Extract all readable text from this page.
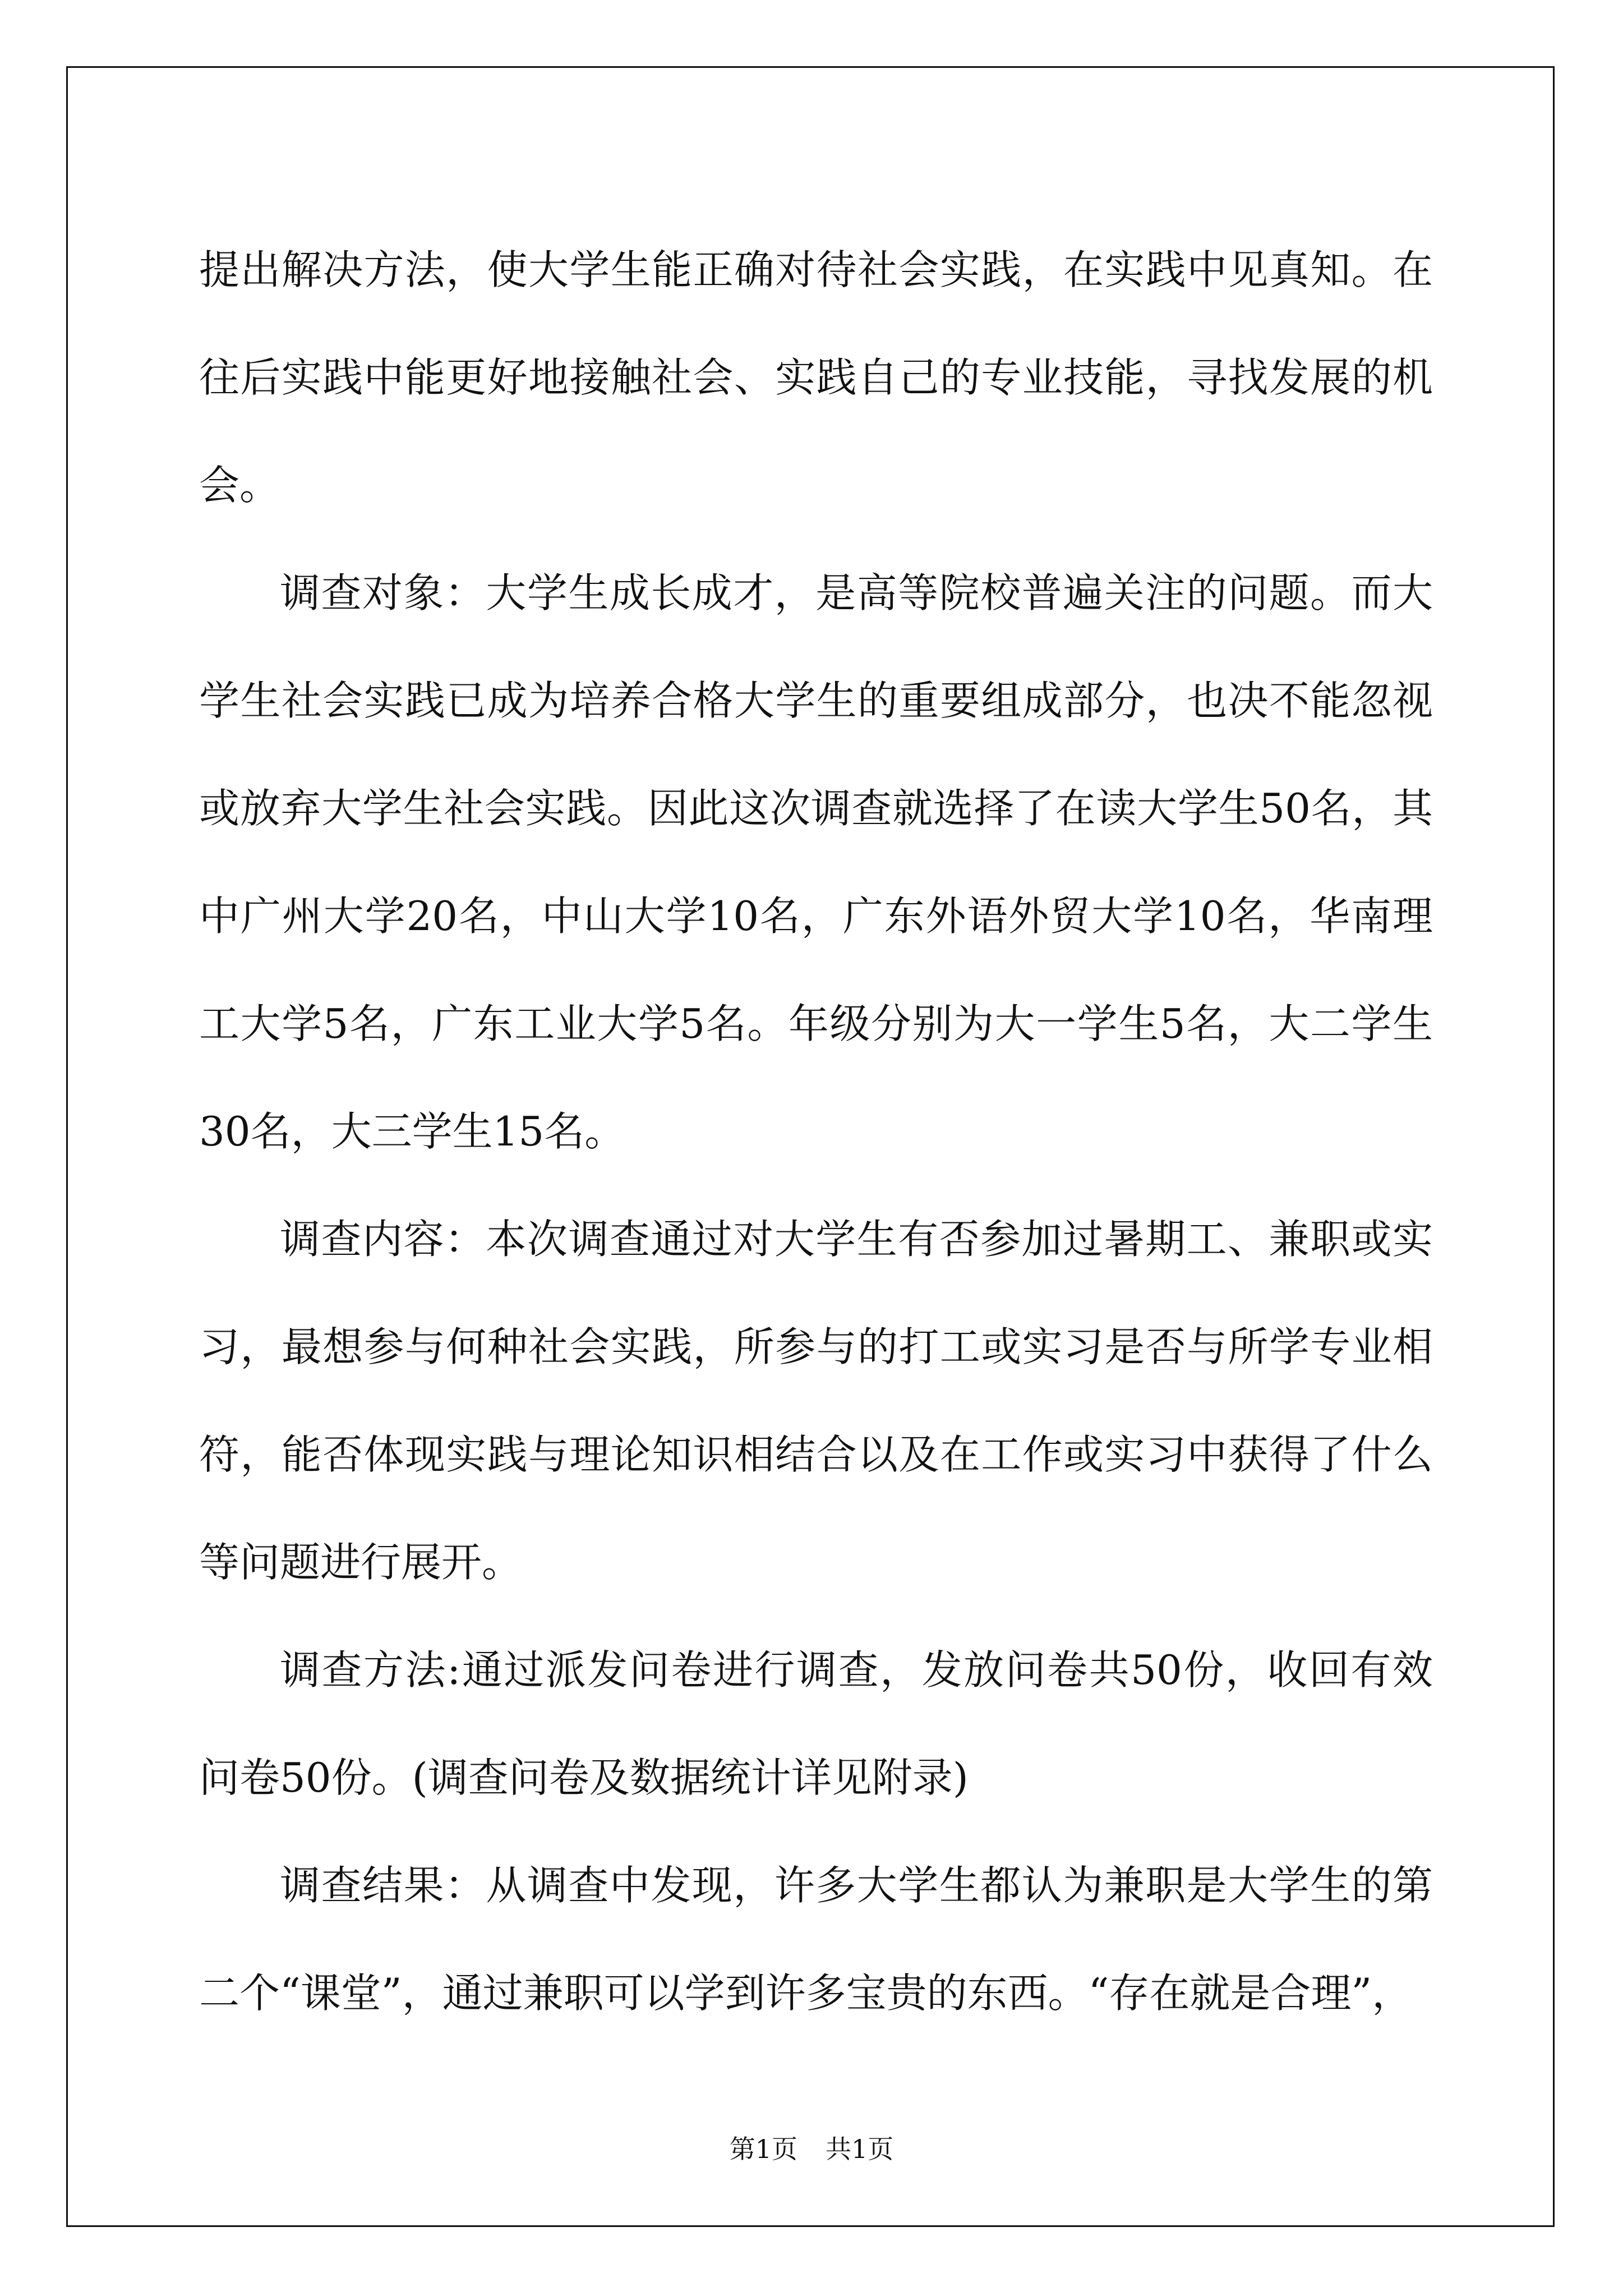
提出解决方法，使大学生能正确对待社会实践，在实践中见真知。在往后实践中能更好地接触社会、实践自己的专业技能，寻找发展的机会。

调查对象：大学生成长成才，是高等院校普遍关注的问题。而大学生社会实践已成为培养合格大学生的重要组成部分，也决不能忽视或放弃大学生社会实践。因此这次调查就选择了在读大学生50名，其中广州大学20名，中山大学10名，广东外语外贸大学10名，华南理工大学5名，广东工业大学5名。年级分别为大一学生5名，大二学生30名，大三学生15名。

调查内容：本次调查通过对大学生有否参加过暑期工、兼职或实习，最想参与何种社会实践，所参与的打工或实习是否与所学专业相符，能否体现实践与理论知识相结合以及在工作或实习中获得了什么等问题进行展开。

调查方法:通过派发问卷进行调查，发放问卷共50份，收回有效问卷50份。(调查问卷及数据统计详见附录)

调查结果：从调查中发现，许多大学生都认为兼职是大学生的第二个“课堂”，通过兼职可以学到许多宝贵的东西。“存在就是合理”，

第1页 共1页
